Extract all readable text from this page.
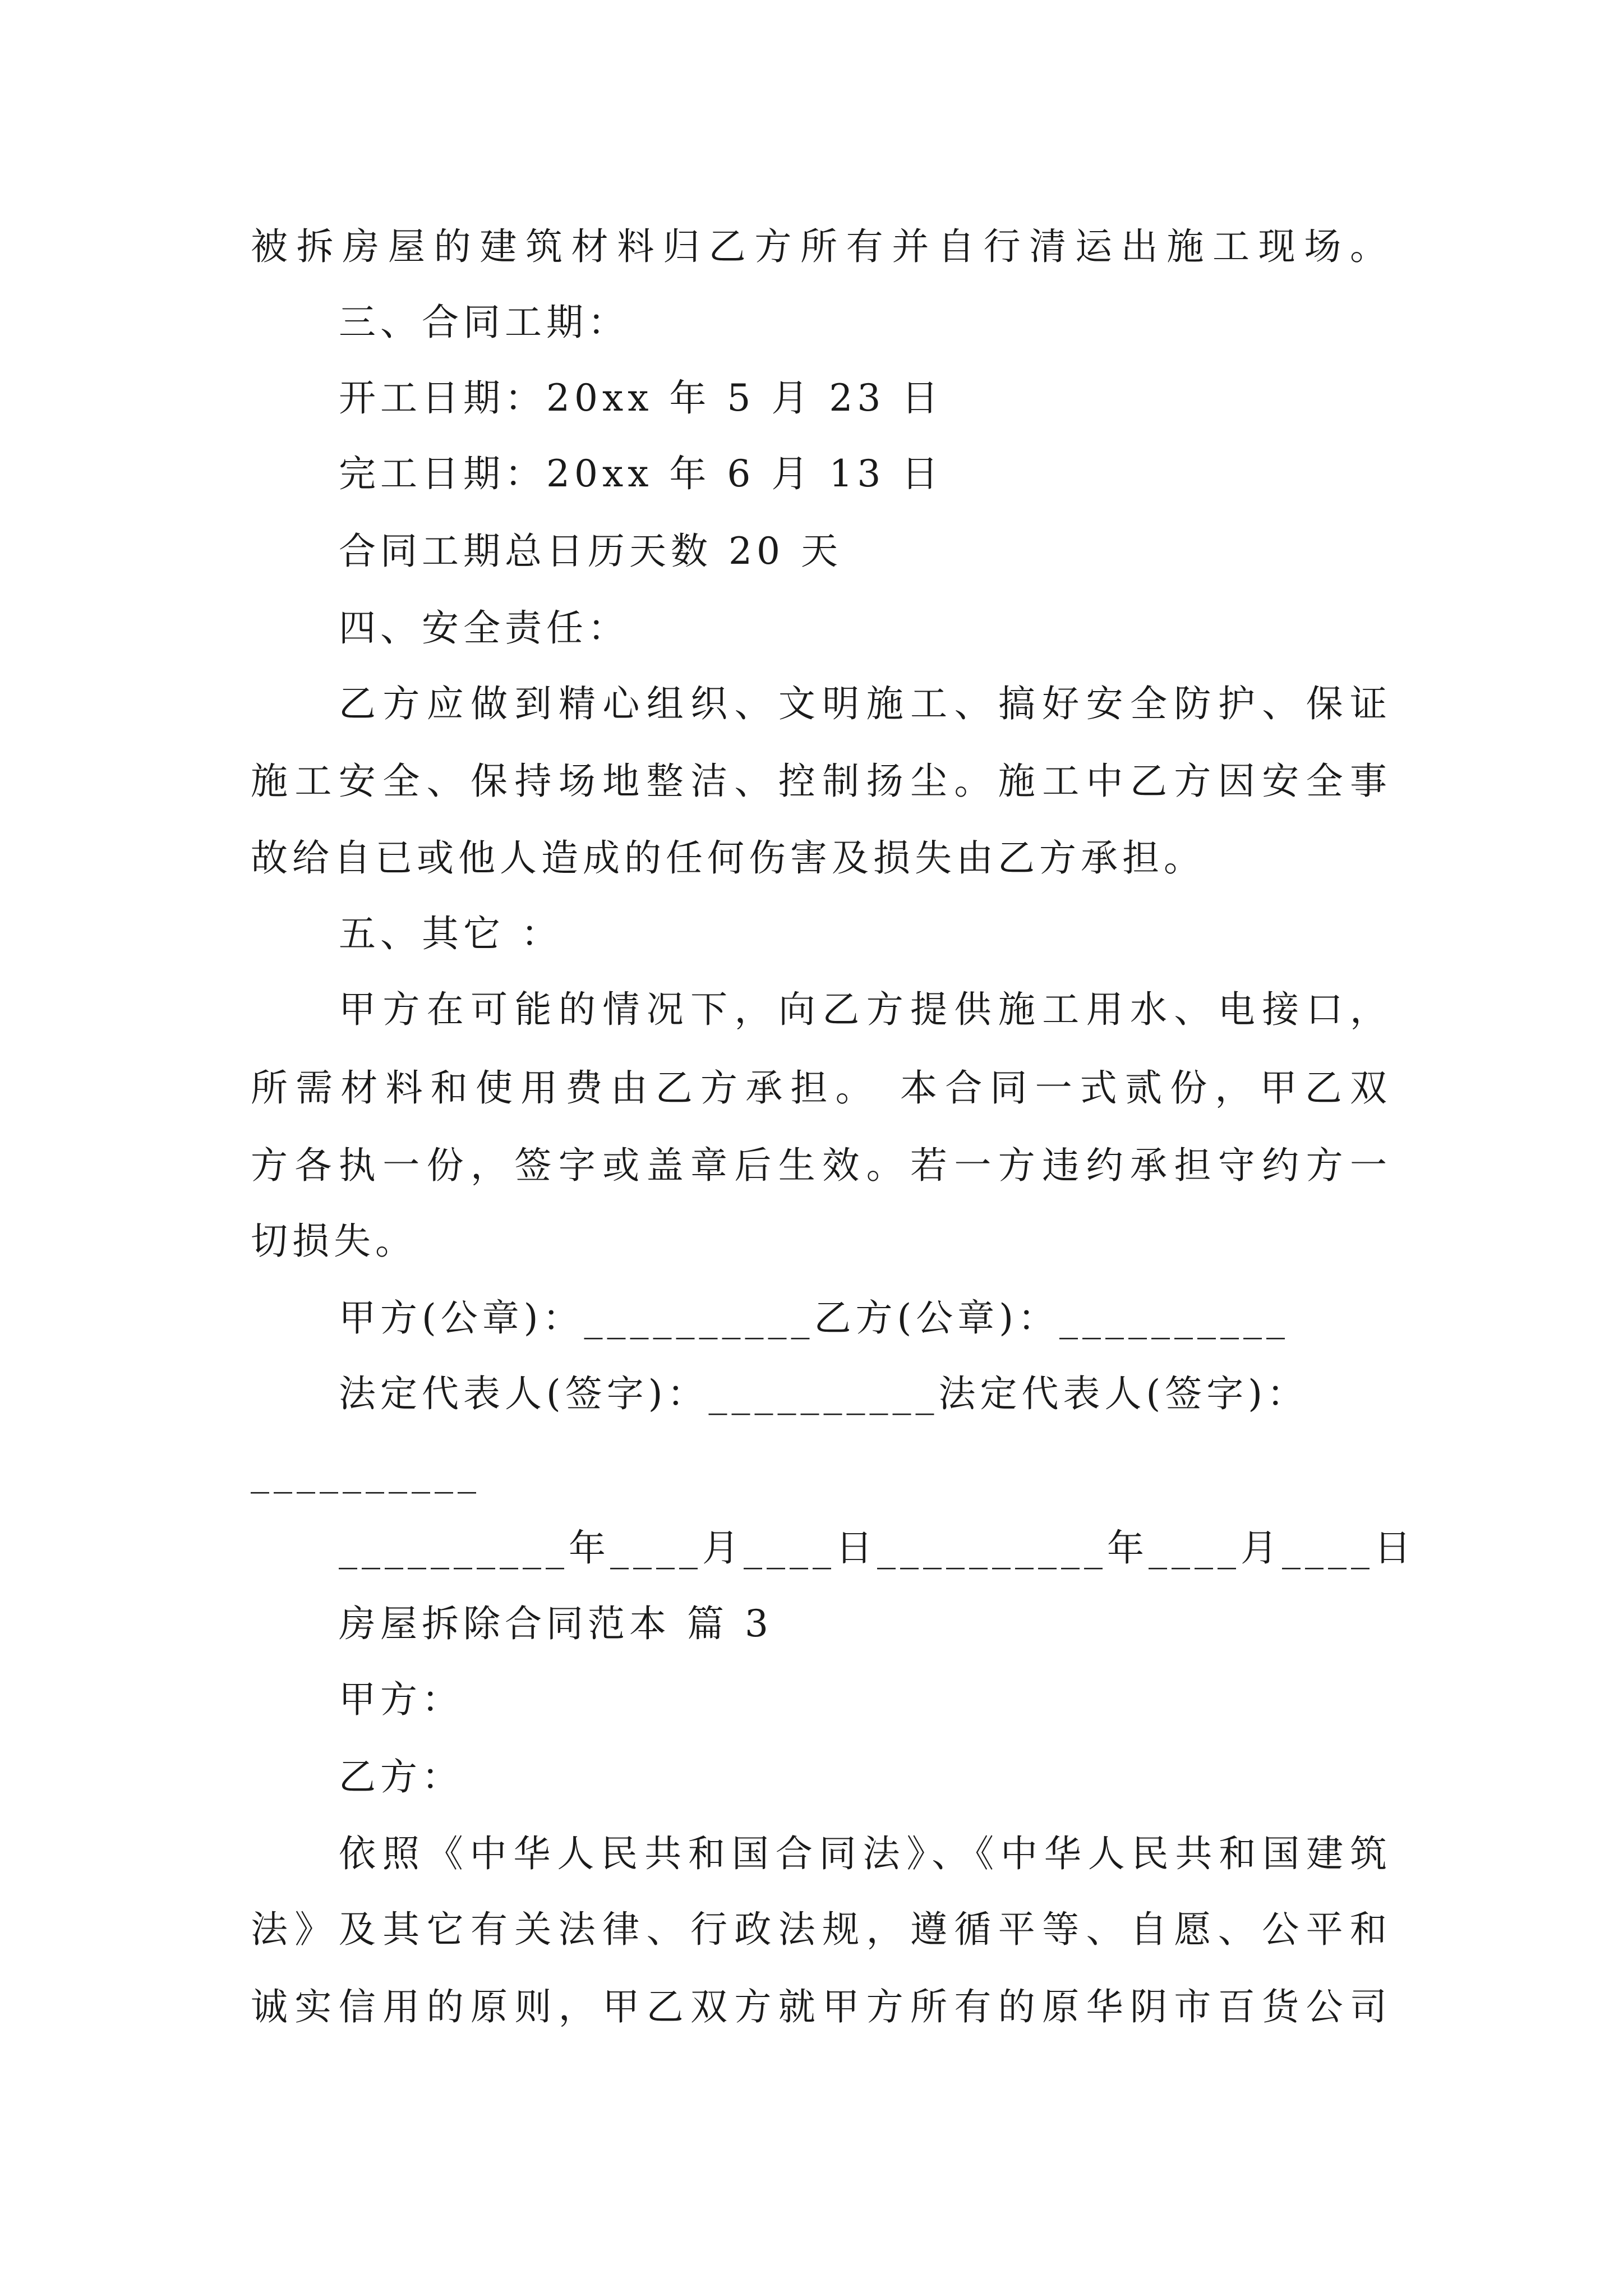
被拆房屋的建筑材料归乙方所有并自行清运出施工现场。
三、合同工期：
开工日期：20xx 年 5 月 23 日
完工日期：20xx 年 6 月 13 日
合同工期总日历天数 20 天
四、安全责任：
乙方应做到精心组织、文明施工、搞好安全防护、保证
施工安全、保持场地整洁、控制扬尘。施工中乙方因安全事
故给自已或他人造成的任何伤害及损失由乙方承担。
五、其它 ：
甲方在可能的情况下，向乙方提供施工用水、电接口，
所需材料和使用费由乙方承担。 本合同一式贰份，甲乙双
方各执一份，签字或盖章后生效。若一方违约承担守约方一
切损失。
甲方(公章)：__________乙方(公章)：__________
法定代表人(签字)：__________法定代表人(签字)：
__________
__________年____月____日__________年____月____日
房屋拆除合同范本 篇 3
甲方：
乙方：
依照《中华人民共和国合同法》、《中华人民共和国建筑
法》及其它有关法律、行政法规，遵循平等、自愿、公平和
诚实信用的原则，甲乙双方就甲方所有的原华阴市百货公司
